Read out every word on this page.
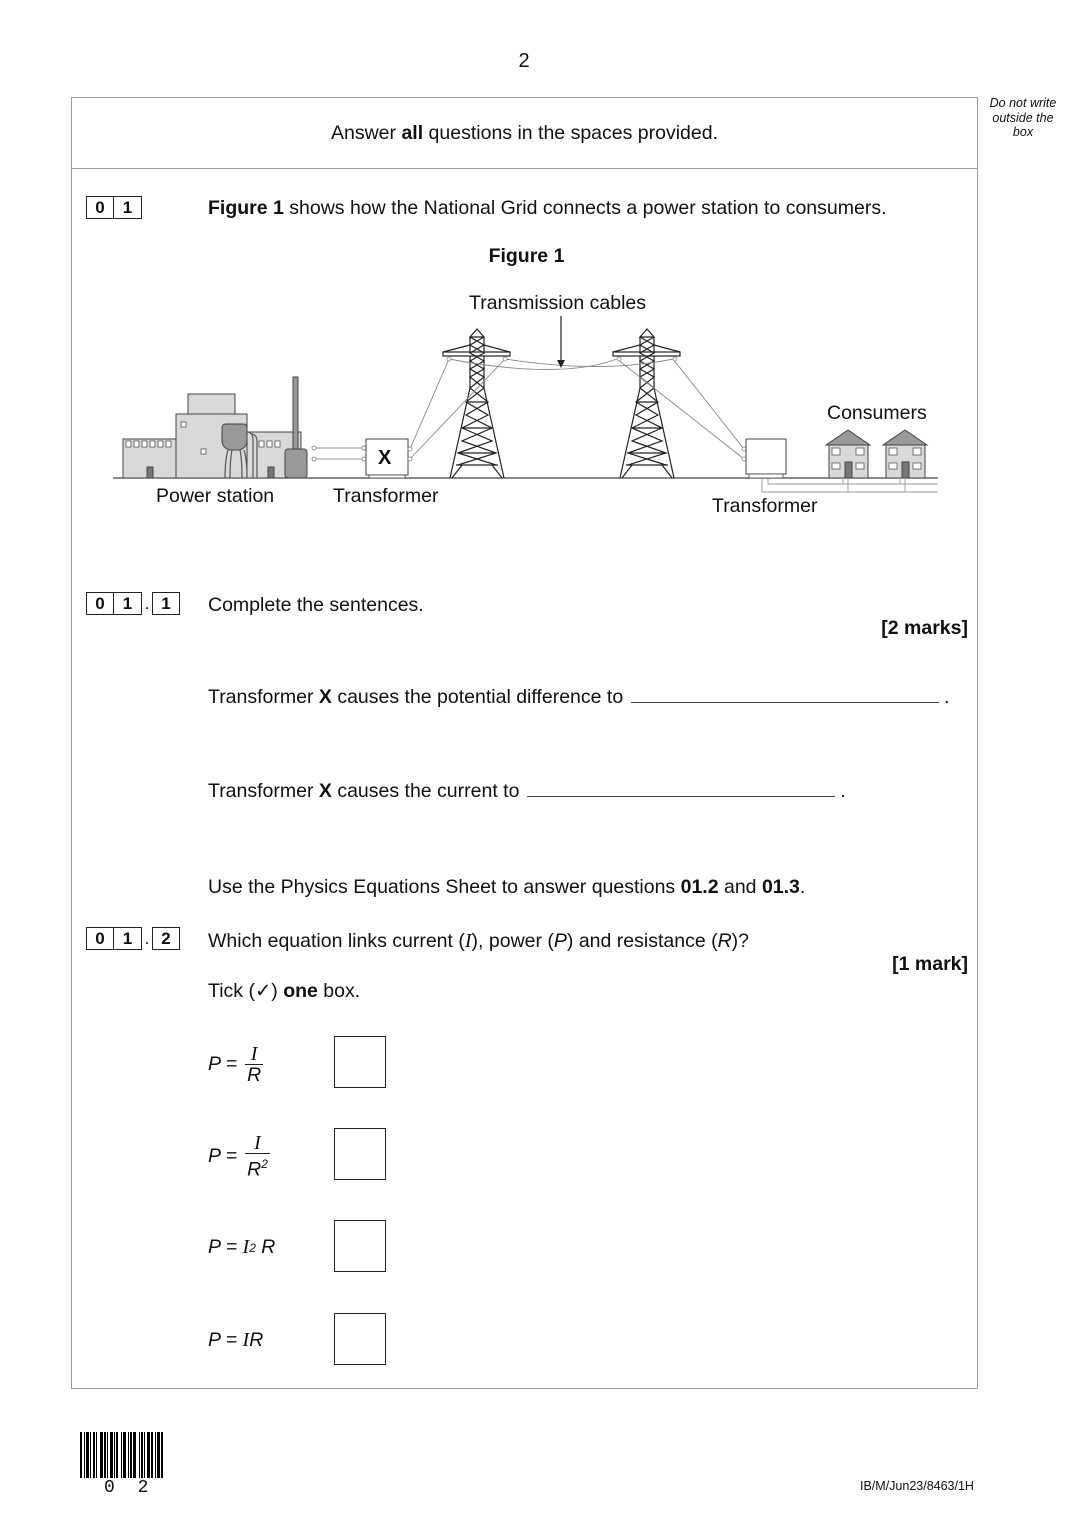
2
Do not write
outside the
box
Answer all questions in the spaces provided.
0	1	Figure 1 shows how the National Grid connects a power station to consumers.
Figure 1
Transmission cables
Consumers
X
Power station	Transformer	Transformer
0	1 . 1	Complete the sentences.
[2 marks]
Transformer X causes the potential difference to	.
Transformer X causes the current to	.
Use the Physics Equations Sheet to answer questions 01.2 and 01.3.
0	1 . 2	Which equation links current (I), power (P) and resistance (R)?
[1 mark]
Tick (✓) one box.
$P = \frac{I}{R}$
$P = \frac{I}{R^2}$
P =
I 2 R
P =
I R
0 2	IB/M/Jun23/8463/1H
